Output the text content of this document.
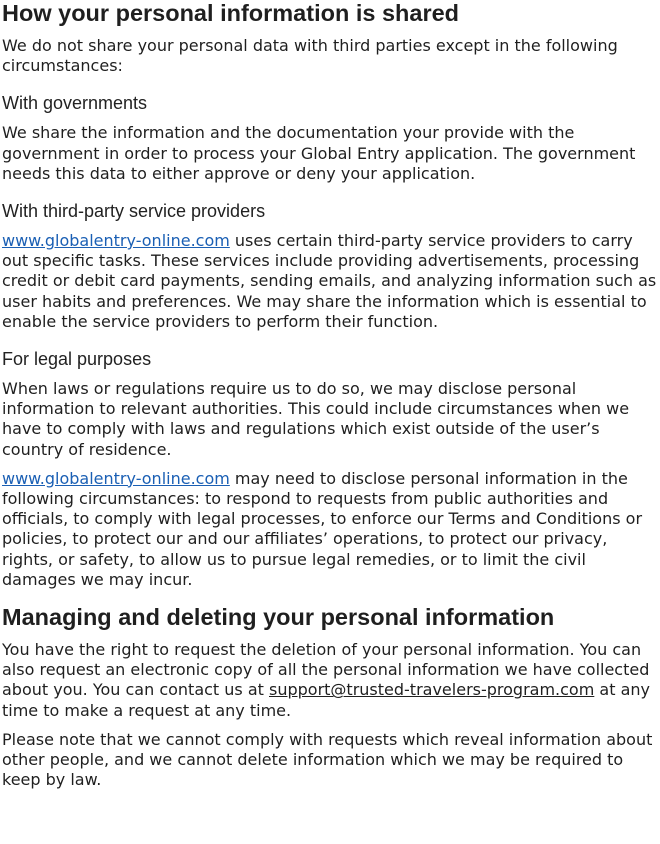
How your personal information is shared

We do not share your personal data with third parties except in the following circumstances:

With governments

We share the information and the documentation your provide with the government in order to process your Global Entry application. The government needs this data to either approve or deny your application.

With third-party service providers

www.globalentry-online.com uses certain third-party service providers to carry out specific tasks. These services include providing advertisements, processing credit or debit card payments, sending emails, and analyzing information such as user habits and preferences. We may share the information which is essential to enable the service providers to perform their function.

For legal purposes

When laws or regulations require us to do so, we may disclose personal information to relevant authorities. This could include circumstances when we have to comply with laws and regulations which exist outside of the user’s country of residence.

www.globalentry-online.com may need to disclose personal information in the following circumstances: to respond to requests from public authorities and officials, to comply with legal processes, to enforce our Terms and Conditions or policies, to protect our and our affiliates’ operations, to protect our privacy, rights, or safety, to allow us to pursue legal remedies, or to limit the civil damages we may incur.

Managing and deleting your personal information

You have the right to request the deletion of your personal information. You can also request an electronic copy of all the personal information we have collected about you. You can contact us at support@trusted-travelers-program.com at any time to make a request at any time.

Please note that we cannot comply with requests which reveal information about other people, and we cannot delete information which we may be required to keep by law.
